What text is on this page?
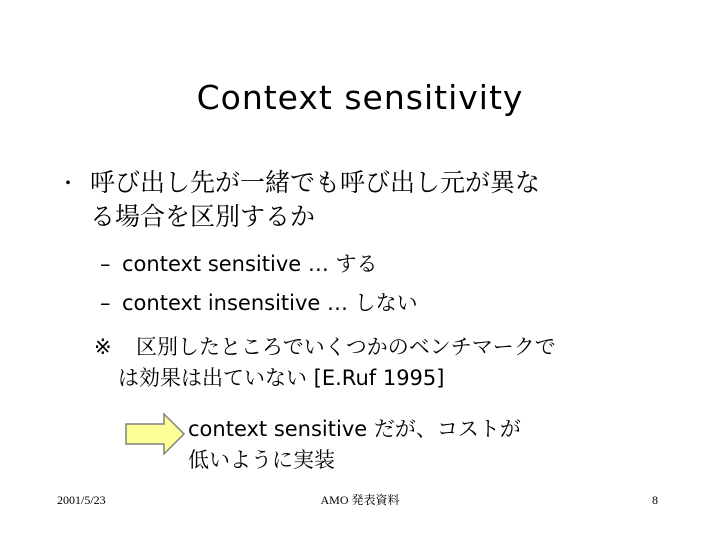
Context sensitivity
・ 呼び出し先が一緒でも呼び出し元が異な
る場合を区別するか
– context sensitive … する
– context insensitive … しない
※	区別したところでいくつかのベンチマークで
は効果は出ていない [E.Ruf 1995]
context sensitive だが、コストが
低いように実装
2001/5/23	AMO 発表資料	8
